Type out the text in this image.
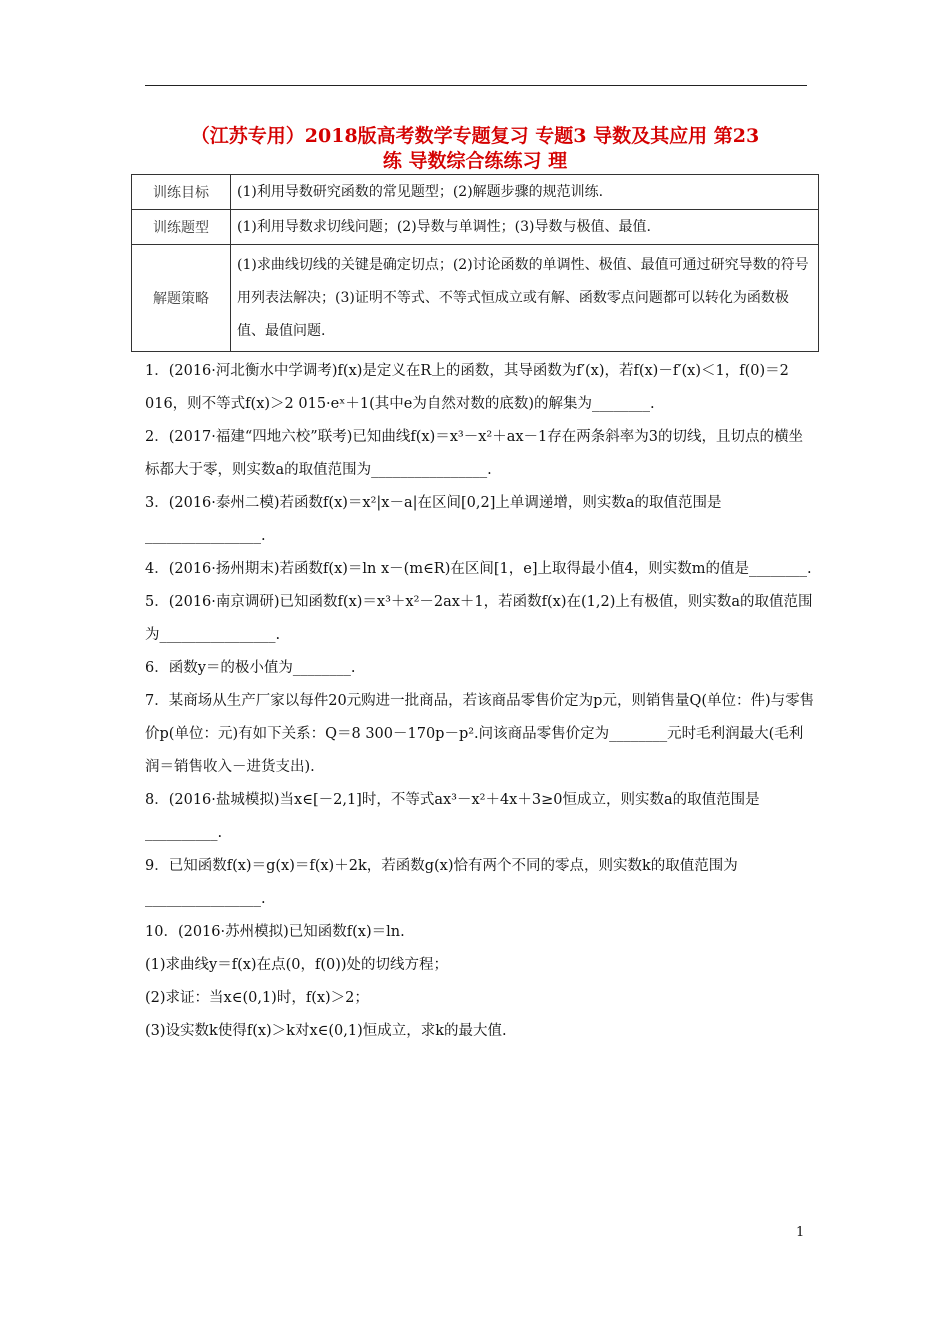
（江苏专用）2018版高考数学专题复习 专题3 导数及其应用 第23
练 导数综合练练习 理
训练目标	(1)利用导数研究函数的常见题型；(2)解题步骤的规范训练.
训练题型	(1)利用导数求切线问题；(2)导数与单调性；(3)导数与极值、最值.
解题策略	(1)求曲线切线的关键是确定切点；(2)讨论函数的单调性、极值、最值可通过研究导数的符号用列表法解决；(3)证明不等式、不等式恒成立或有解、函数零点问题都可以转化为函数极值、最值问题.

1．(2016·河北衡水中学调考)f(x)是定义在R上的函数，其导函数为f′(x)，若f(x)－f′(x)＜1，f(0)＝2 016，则不等式f(x)＞2 015·eˣ＋1(其中e为自然对数的底数)的解集为________.

2．(2017·福建“四地六校”联考)已知曲线f(x)＝x³－x²＋ax－1存在两条斜率为3的切线，且切点的横坐标都大于零，则实数a的取值范围为________________.

3．(2016·泰州二模)若函数f(x)＝x²|x－a|在区间[0,2]上单调递增，则实数a的取值范围是________________.

4．(2016·扬州期末)若函数f(x)＝ln x－(m∈R)在区间[1，e]上取得最小值4，则实数m的值是________.

5．(2016·南京调研)已知函数f(x)＝x³＋x²－2ax＋1，若函数f(x)在(1,2)上有极值，则实数a的取值范围为________________.

6．函数y＝的极小值为________.

7．某商场从生产厂家以每件20元购进一批商品，若该商品零售价定为p元，则销售量Q(单位：件)与零售价p(单位：元)有如下关系：Q＝8 300－170p－p².问该商品零售价定为________元时毛利润最大(毛利润＝销售收入－进货支出).

8．(2016·盐城模拟)当x∈[－2,1]时，不等式ax³－x²＋4x＋3≥0恒成立，则实数a的取值范围是__________.

9．已知函数f(x)＝g(x)＝f(x)＋2k，若函数g(x)恰有两个不同的零点，则实数k的取值范围为________________.

10．(2016·苏州模拟)已知函数f(x)＝ln.

(1)求曲线y＝f(x)在点(0，f(0))处的切线方程；

(2)求证：当x∈(0,1)时，f(x)＞2；

(3)设实数k使得f(x)＞k对x∈(0,1)恒成立，求k的最大值.

1
